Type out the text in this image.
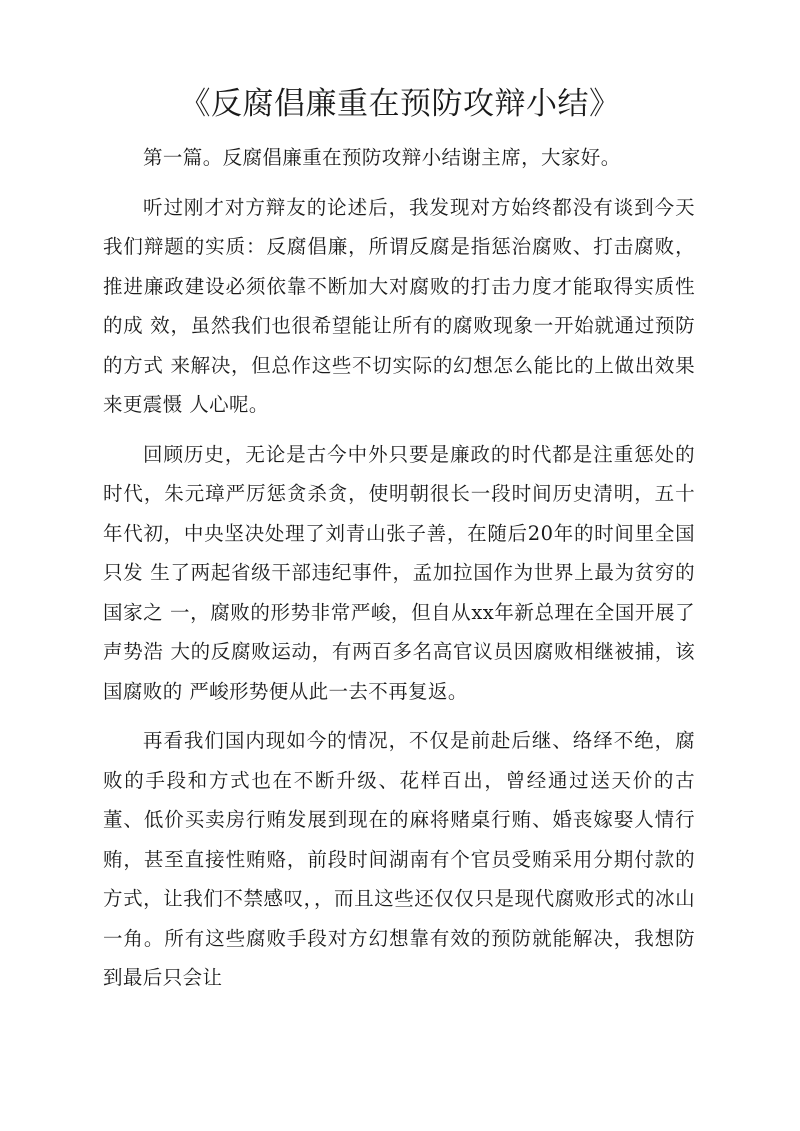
《反腐倡廉重在预防攻辩小结》

第一篇。反腐倡廉重在预防攻辩小结谢主席，大家好。

听过刚才对方辩友的论述后，我发现对方始终都没有谈到今天我们辩题的实质：反腐倡廉，所谓反腐是指惩治腐败、打击腐败，推进廉政建设必须依靠不断加大对腐败的打击力度才能取得实质性的成 效，虽然我们也很希望能让所有的腐败现象一开始就通过预防的方式 来解决，但总作这些不切实际的幻想怎么能比的上做出效果来更震慑 人心呢。

回顾历史，无论是古今中外只要是廉政的时代都是注重惩处的时代，朱元璋严厉惩贪杀贪，使明朝很长一段时间历史清明，五十年代初，中央坚决处理了刘青山张子善，在随后20年的时间里全国只发 生了两起省级干部违纪事件，孟加拉国作为世界上最为贫穷的国家之 一，腐败的形势非常严峻，但自从xx年新总理在全国开展了声势浩 大的反腐败运动，有两百多名高官议员因腐败相继被捕，该国腐败的 严峻形势便从此一去不再复返。

再看我们国内现如今的情况，不仅是前赴后继、络绎不绝，腐败的手段和方式也在不断升级、花样百出，曾经通过送天价的古董、低价买卖房行贿发展到现在的麻将赌桌行贿、婚丧嫁娶人情行贿，甚至直接性贿赂，前段时间湖南有个官员受贿采用分期付款的方式，让我们不禁感叹，，而且这些还仅仅只是现代腐败形式的冰山一角。所有这些腐败手段对方幻想靠有效的预防就能解决，我想防到最后只会让
